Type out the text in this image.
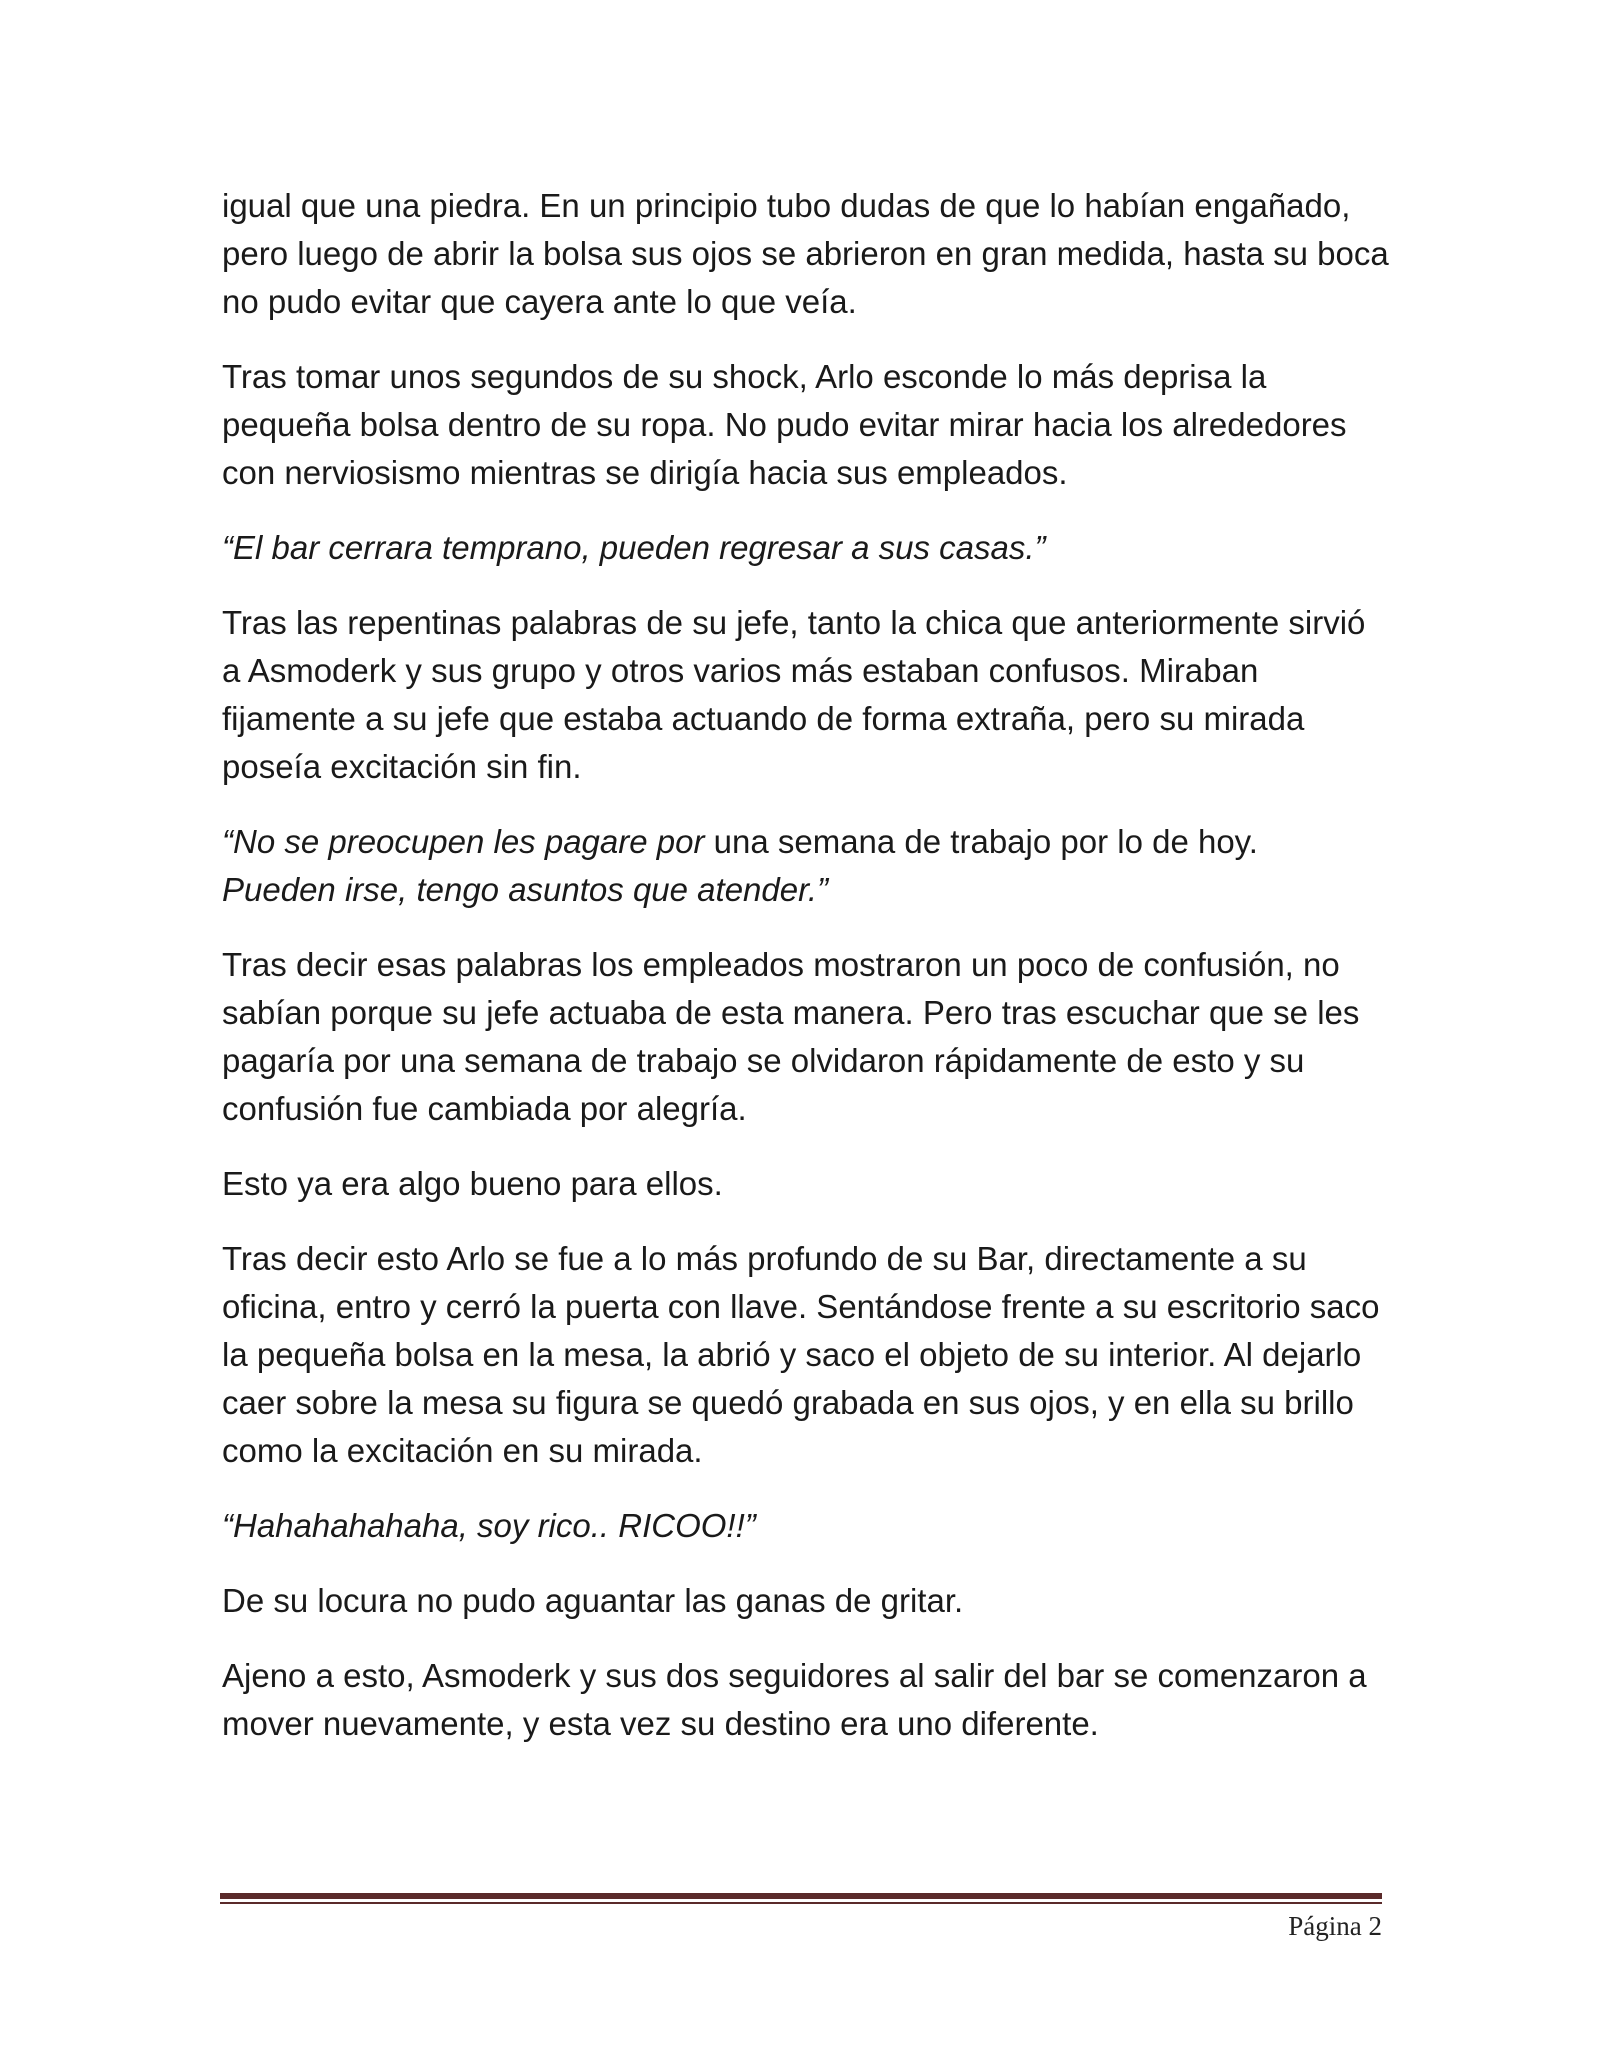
igual que una piedra. En un principio tubo dudas de que lo habían engañado, pero luego de abrir la bolsa sus ojos se abrieron en gran medida, hasta su boca no pudo evitar que cayera ante lo que veía.

Tras tomar unos segundos de su shock, Arlo esconde lo más deprisa la pequeña bolsa dentro de su ropa. No pudo evitar mirar hacia los alrededores con nerviosismo mientras se dirigía hacia sus empleados.

“El bar cerrara temprano, pueden regresar a sus casas.”

Tras las repentinas palabras de su jefe, tanto la chica que anteriormente sirvió a Asmoderk y sus grupo y otros varios más estaban confusos. Miraban fijamente a su jefe que estaba actuando de forma extraña, pero su mirada poseía excitación sin fin.

“No se preocupen les pagare por una semana de trabajo por lo de hoy.
Pueden irse, tengo asuntos que atender.”

Tras decir esas palabras los empleados mostraron un poco de confusión, no sabían porque su jefe actuaba de esta manera. Pero tras escuchar que se les pagaría por una semana de trabajo se olvidaron rápidamente de esto y su confusión fue cambiada por alegría.

Esto ya era algo bueno para ellos.

Tras decir esto Arlo se fue a lo más profundo de su Bar, directamente a su oficina, entro y cerró la puerta con llave. Sentándose frente a su escritorio saco la pequeña bolsa en la mesa, la abrió y saco el objeto de su interior. Al dejarlo caer sobre la mesa su figura se quedó grabada en sus ojos, y en ella su brillo como la excitación en su mirada.

“Hahahahahaha, soy rico.. RICOO!!”

De su locura no pudo aguantar las ganas de gritar.

Ajeno a esto, Asmoderk y sus dos seguidores al salir del bar se comenzaron a mover nuevamente, y esta vez su destino era uno diferente.

Página 2
